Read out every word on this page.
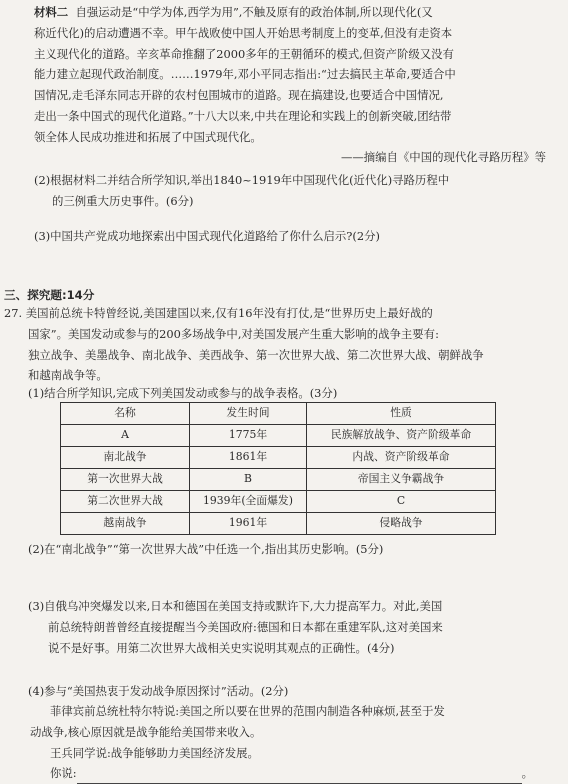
材料二 自强运动是“中学为体,西学为用”,不触及原有的政治体制,所以现代化(又
称近代化)的启动遭遇不幸。甲午战败使中国人开始思考制度上的变革,但没有走资本
主义现代化的道路。辛亥革命推翻了2000多年的王朝循环的模式,但资产阶级又没有
能力建立起现代政治制度。……1979年,邓小平同志指出:“过去搞民主革命,要适合中
国情况,走毛泽东同志开辟的农村包围城市的道路。现在搞建设,也要适合中国情况,
走出一条中国式的现代化道路。”十八大以来,中共在理论和实践上的创新突破,团结带
领全体人民成功推进和拓展了中国式现代化。
——摘编自《中国的现代化寻路历程》等
(2)根据材料二并结合所学知识,举出1840~1919年中国现代化(近代化)寻路历程中
的三例重大历史事件。(6分)
(3)中国共产党成功地探索出中国式现代化道路给了你什么启示?(2分)
三、探究题:14分
27. 美国前总统卡特曾经说,美国建国以来,仅有16年没有打仗,是“世界历史上最好战的
国家”。美国发动或参与的200多场战争中,对美国发展产生重大影响的战争主要有:
独立战争、美墨战争、南北战争、美西战争、第一次世界大战、第二次世界大战、朝鲜战争
和越南战争等。
(1)结合所学知识,完成下列美国发动或参与的战争表格。(3分)
名称	发生时间	性质
A	1775年	民族解放战争、资产阶级革命
南北战争	1861年	内战、资产阶级革命
第一次世界大战	B	帝国主义争霸战争
第二次世界大战	1939年(全面爆发)	C
越南战争	1961年	侵略战争
(2)在“南北战争”“第一次世界大战”中任选一个,指出其历史影响。(5分)
(3)自俄乌冲突爆发以来,日本和德国在美国支持或默许下,大力提高军力。对此,美国
前总统特朗普曾经直接提醒当今美国政府:德国和日本都在重建军队,这对美国来
说不是好事。用第二次世界大战相关史实说明其观点的正确性。(4分)
(4)参与“美国热衷于发动战争原因探讨”活动。(2分)
菲律宾前总统杜特尔特说:美国之所以要在世界的范围内制造各种麻烦,甚至于发
动战争,核心原因就是战争能给美国带来收入。
王兵同学说:战争能够助力美国经济发展。
你说:	。
